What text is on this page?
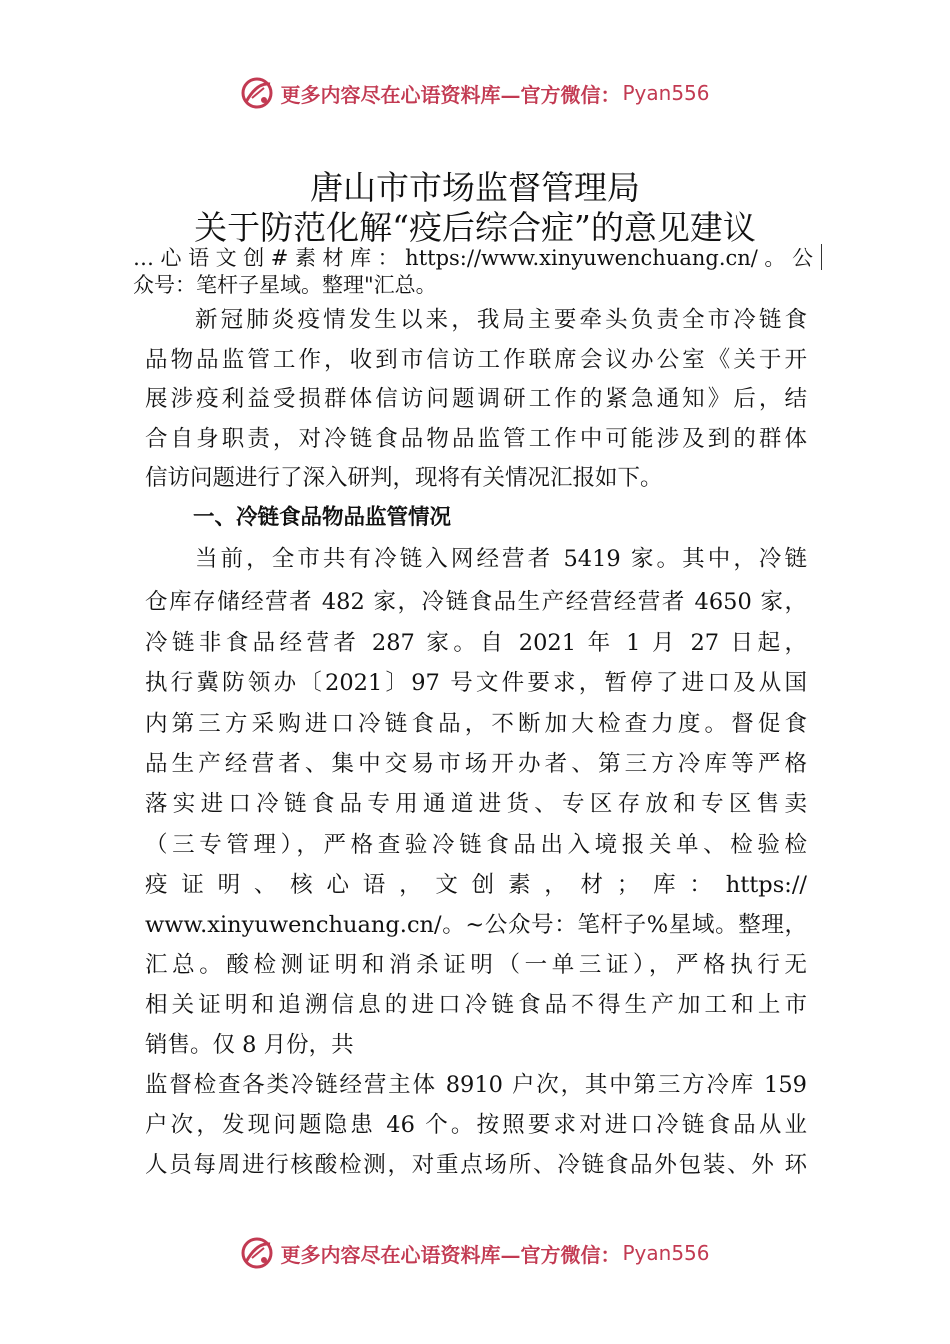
更多内容尽在心语资料库—官方微信： Pyan556
唐山市市场监督管理局
关于防范化解“疫后综合症”的意见建议

…心语文创#素材库：https://www.xinyuwenchuang.cn/。公

众号：笔杆子星域。整理"汇总。

新冠肺炎疫情发生以来，我局主要牵头负责全市冷链食

品物品监管工作，收到市信访工作联席会议办公室《关于开

展涉疫利益受损群体信访问题调研工作的紧急通知》后，结

合自身职责，对冷链食品物品监管工作中可能涉及到的群体

信访问题进行了深入研判，现将有关情况汇报如下。

一、冷链食品物品监管情况

当前，全市共有冷链入网经营者 5419 家。其中，冷链

仓库存储经营者 482 家，冷链食品生产经营经营者 4650 家，

冷链非食品经营者 287 家。自 2021 年 1 月 27 日起，

执行冀防领办〔2021〕97 号文件要求，暂停了进口及从国

内第三方采购进口冷链食品，不断加大检查力度。督促食

品生产经营者、集中交易市场开办者、第三方冷库等严格

落实进口冷链食品专用通道进货、专区存放和专区售卖

（三专管理），严格查验冷链食品出入境报关单、检验检

疫证明、核心语，文创素，材；库：https://

www.xinyuwenchuang.cn/。~公众号：笔杆子%星域。整理，

汇总。酸检测证明和消杀证明（一单三证），严格执行无

相关证明和追溯信息的进口冷链食品不得生产加工和上市

销售。仅 8 月份，共

监督检查各类冷链经营主体 8910 户次，其中第三方冷库 159

户次，发现问题隐患 46 个。按照要求对进口冷链食品从业

人员每周进行核酸检测，对重点场所、冷链食品外包装、外 环

更多内容尽在心语资料库—官方微信： Pyan556
